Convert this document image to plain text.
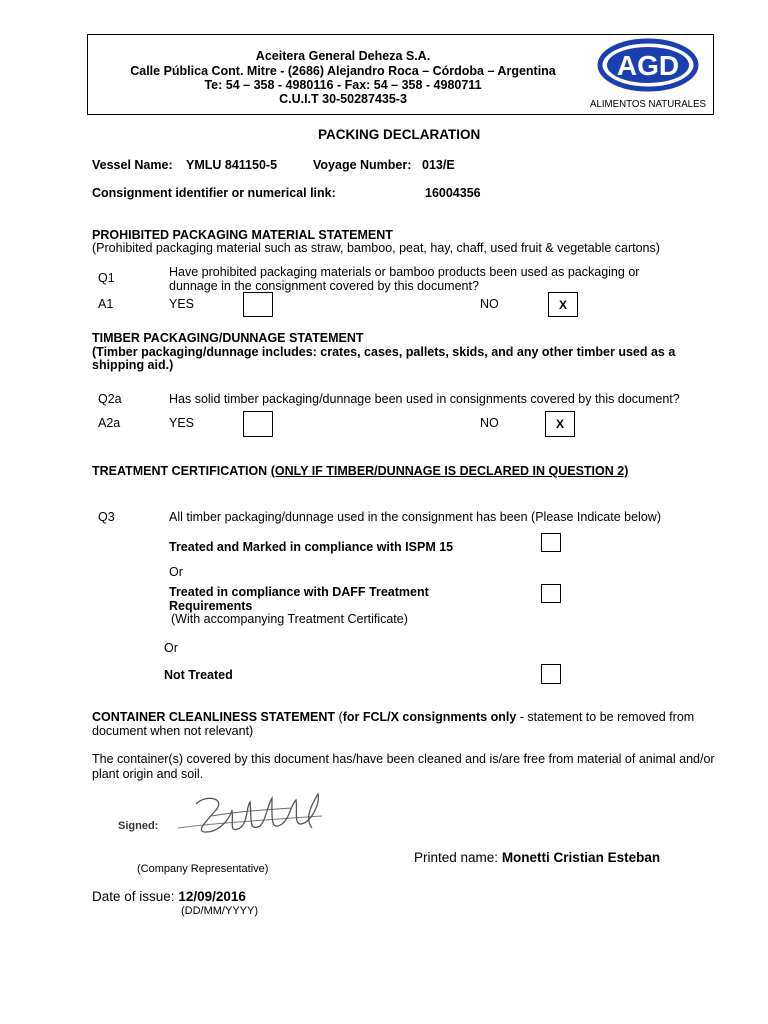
Aceitera General Deheza S.A.
Calle Pública Cont. Mitre - (2686) Alejandro Roca – Córdoba – Argentina
Te: 54 – 358 - 4980116 - Fax: 54 – 358 - 4980711
C.U.I.T 30-50287435-3
AGD
ALIMENTOS NATURALES
PACKING DECLARATION
Vessel Name: YMLU 841150-5	Voyage Number: 013/E
Consignment identifier or numerical link:	16004356
PROHIBITED PACKAGING MATERIAL STATEMENT
(Prohibited packaging material such as straw, bamboo, peat, hay, chaff, used fruit & vegetable cartons)
Q1	Have prohibited packaging materials or bamboo products been used as packaging or
dunnage in the consignment covered by this document?
A1	YES	NO	X
TIMBER PACKAGING/DUNNAGE STATEMENT
(Timber packaging/dunnage includes: crates, cases, pallets, skids, and any other timber used as a
shipping aid.)
Q2a	Has solid timber packaging/dunnage been used in consignments covered by this document?
A2a	YES	NO	X
TREATMENT CERTIFICATION (ONLY IF TIMBER/DUNNAGE IS DECLARED IN QUESTION 2)
Q3	All timber packaging/dunnage used in the consignment has been (Please Indicate below)
Treated and Marked in compliance with ISPM 15
Or
Treated in compliance with DAFF Treatment
Requirements
(With accompanying Treatment Certificate)
Or
Not Treated
CONTAINER CLEANLINESS STATEMENT (for FCL/X consignments only - statement to be removed from
document when not relevant)
The container(s) covered by this document has/have been cleaned and is/are free from material of animal and/or
plant origin and soil.
Signed:
(Company Representative)
Printed name: Monetti Cristian Esteban
Date of issue: 12/09/2016
(DD/MM/YYYY)
